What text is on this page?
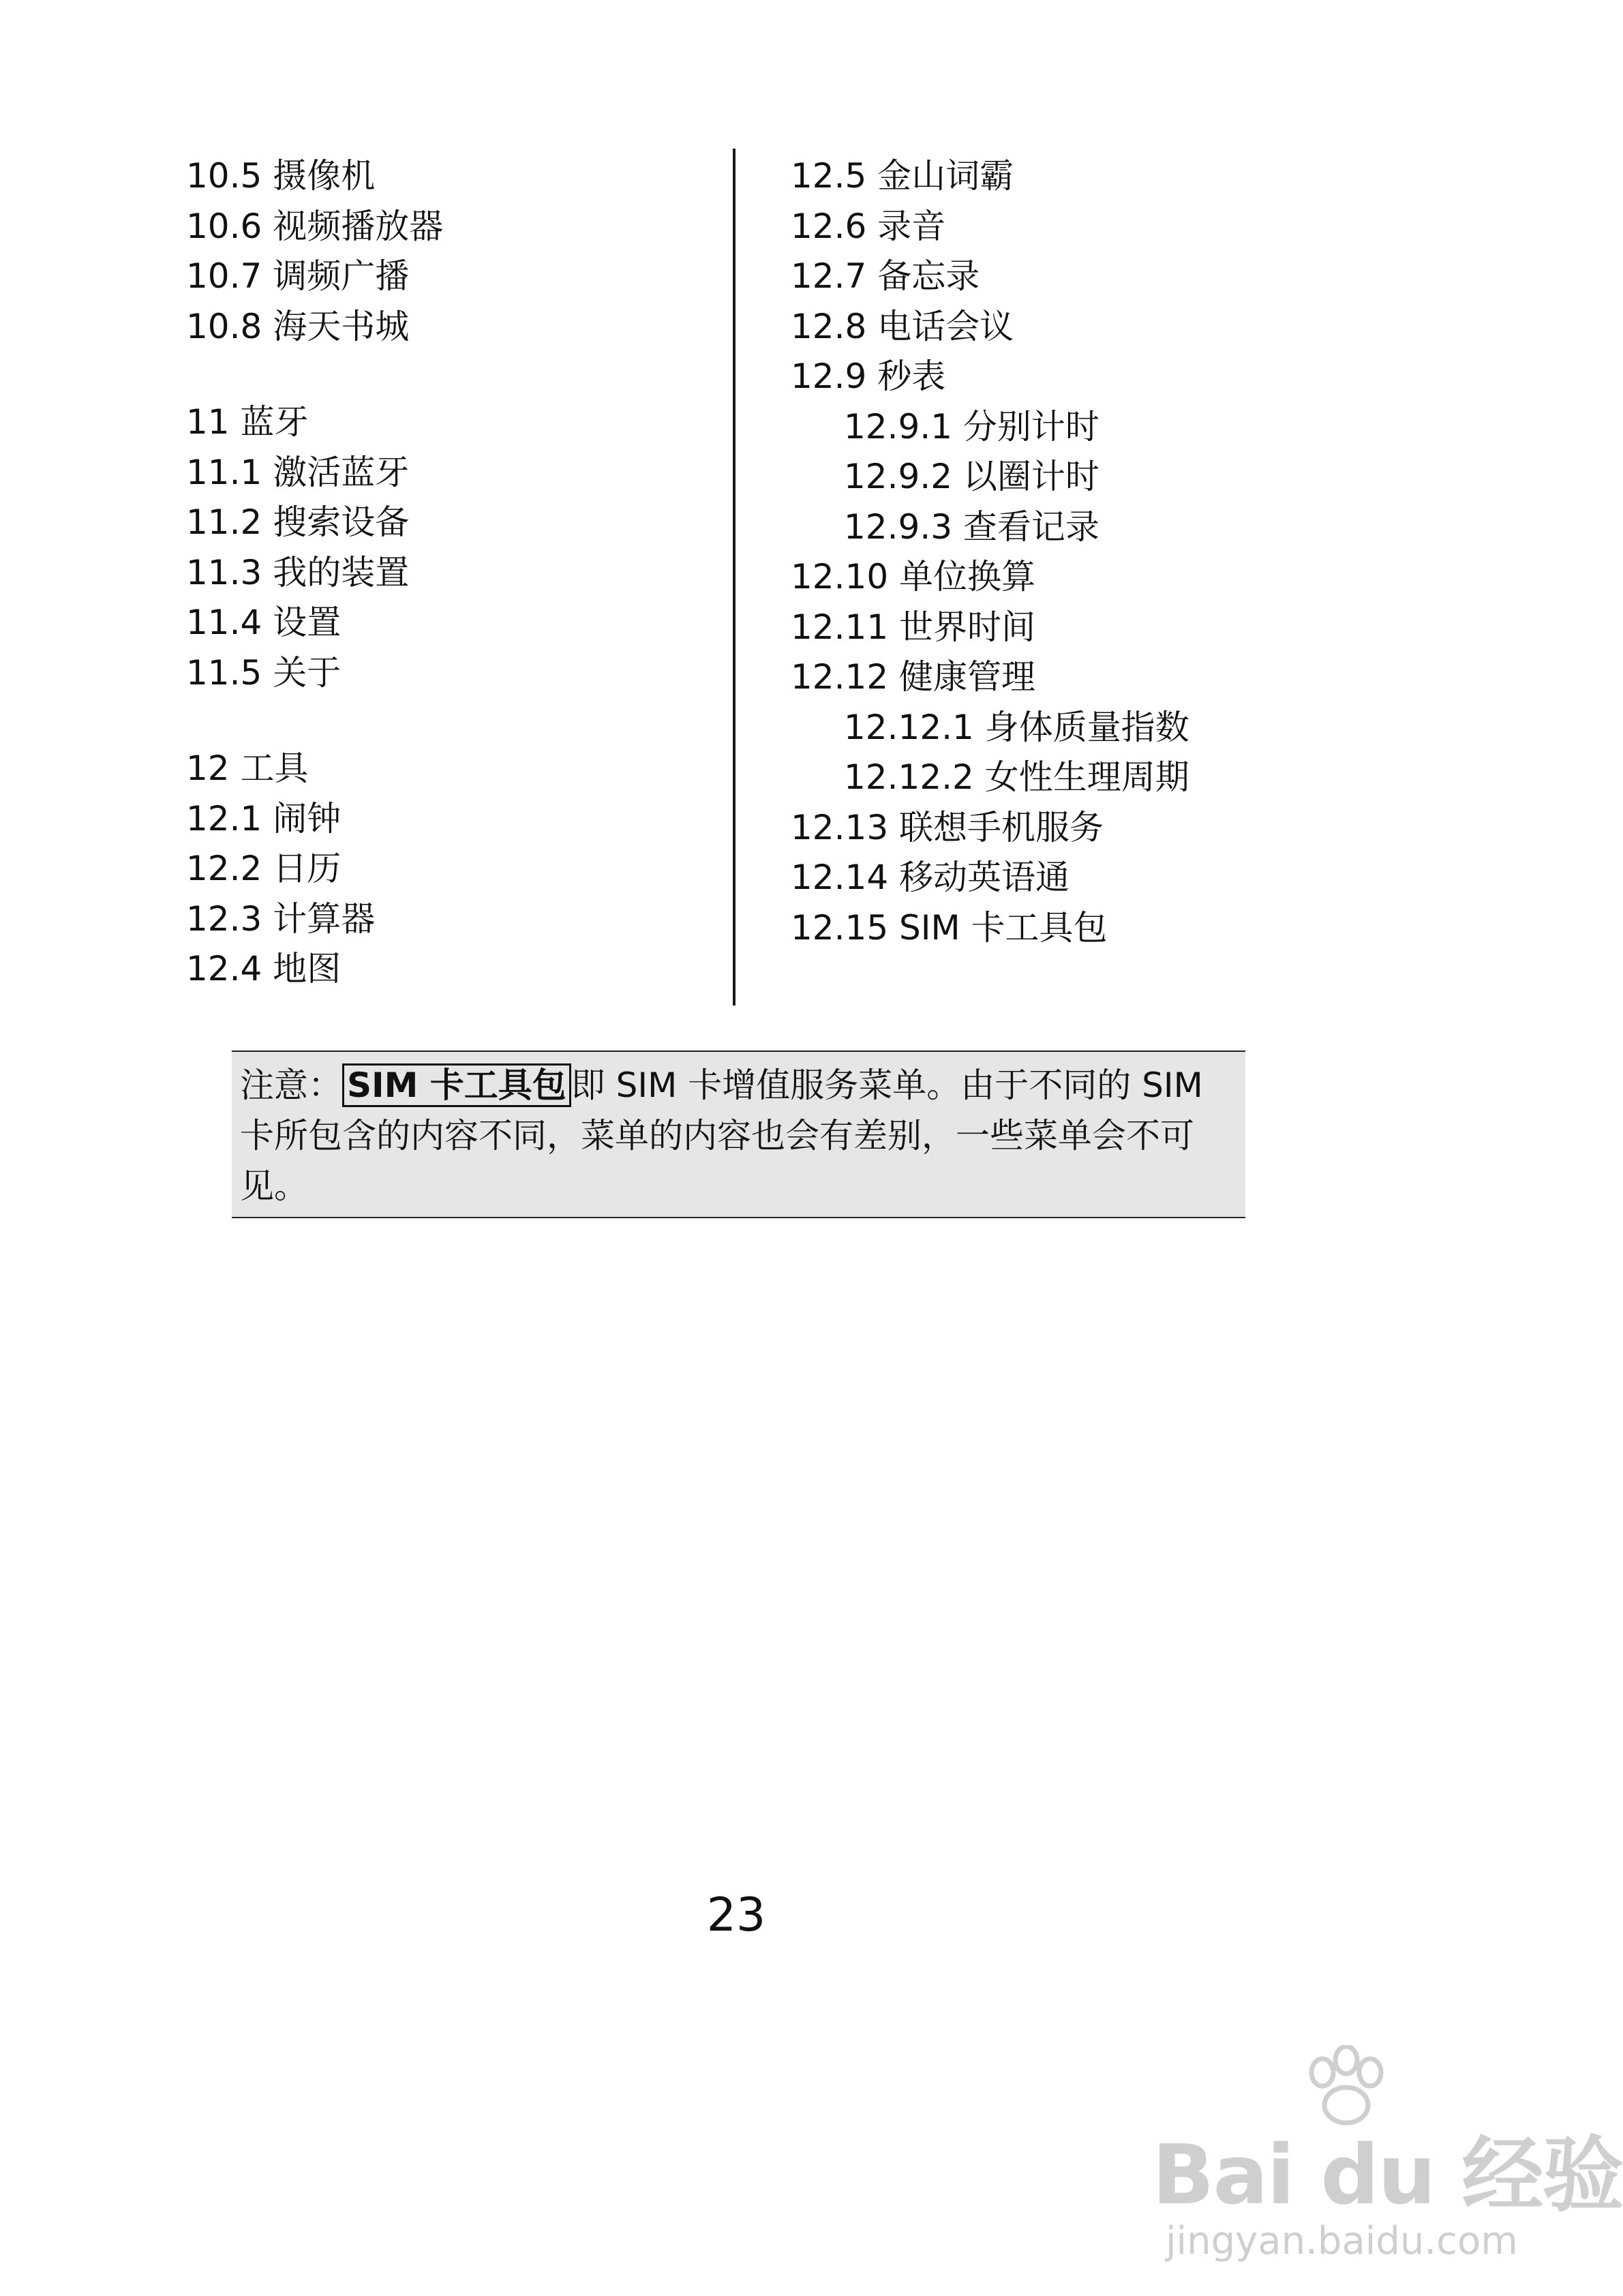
10.5 摄像机
10.6 视频播放器
10.7 调频广播
10.8 海天书城
11 蓝牙
11.1 激活蓝牙
11.2 搜索设备
11.3 我的装置
11.4 设置
11.5 关于
12 工具
12.1 闹钟
12.2 日历
12.3 计算器
12.4 地图
12.5 金山词霸
12.6 录音
12.7 备忘录
12.8 电话会议
12.9 秒表
12.9.1 分别计时
12.9.2 以圈计时
12.9.3 查看记录
12.10 单位换算
12.11 世界时间
12.12 健康管理
12.12.1 身体质量指数
12.12.2 女性生理周期
12.13 联想手机服务
12.14 移动英语通
12.15 SIM 卡工具包
注意： SIM 卡工具包 即 SIM 卡增值服务菜单。由于不同的 SIM
卡所包含的内容不同，菜单的内容也会有差别，一些菜单会不可
见。
23
Bai du 经验
jingyan.baidu.com
